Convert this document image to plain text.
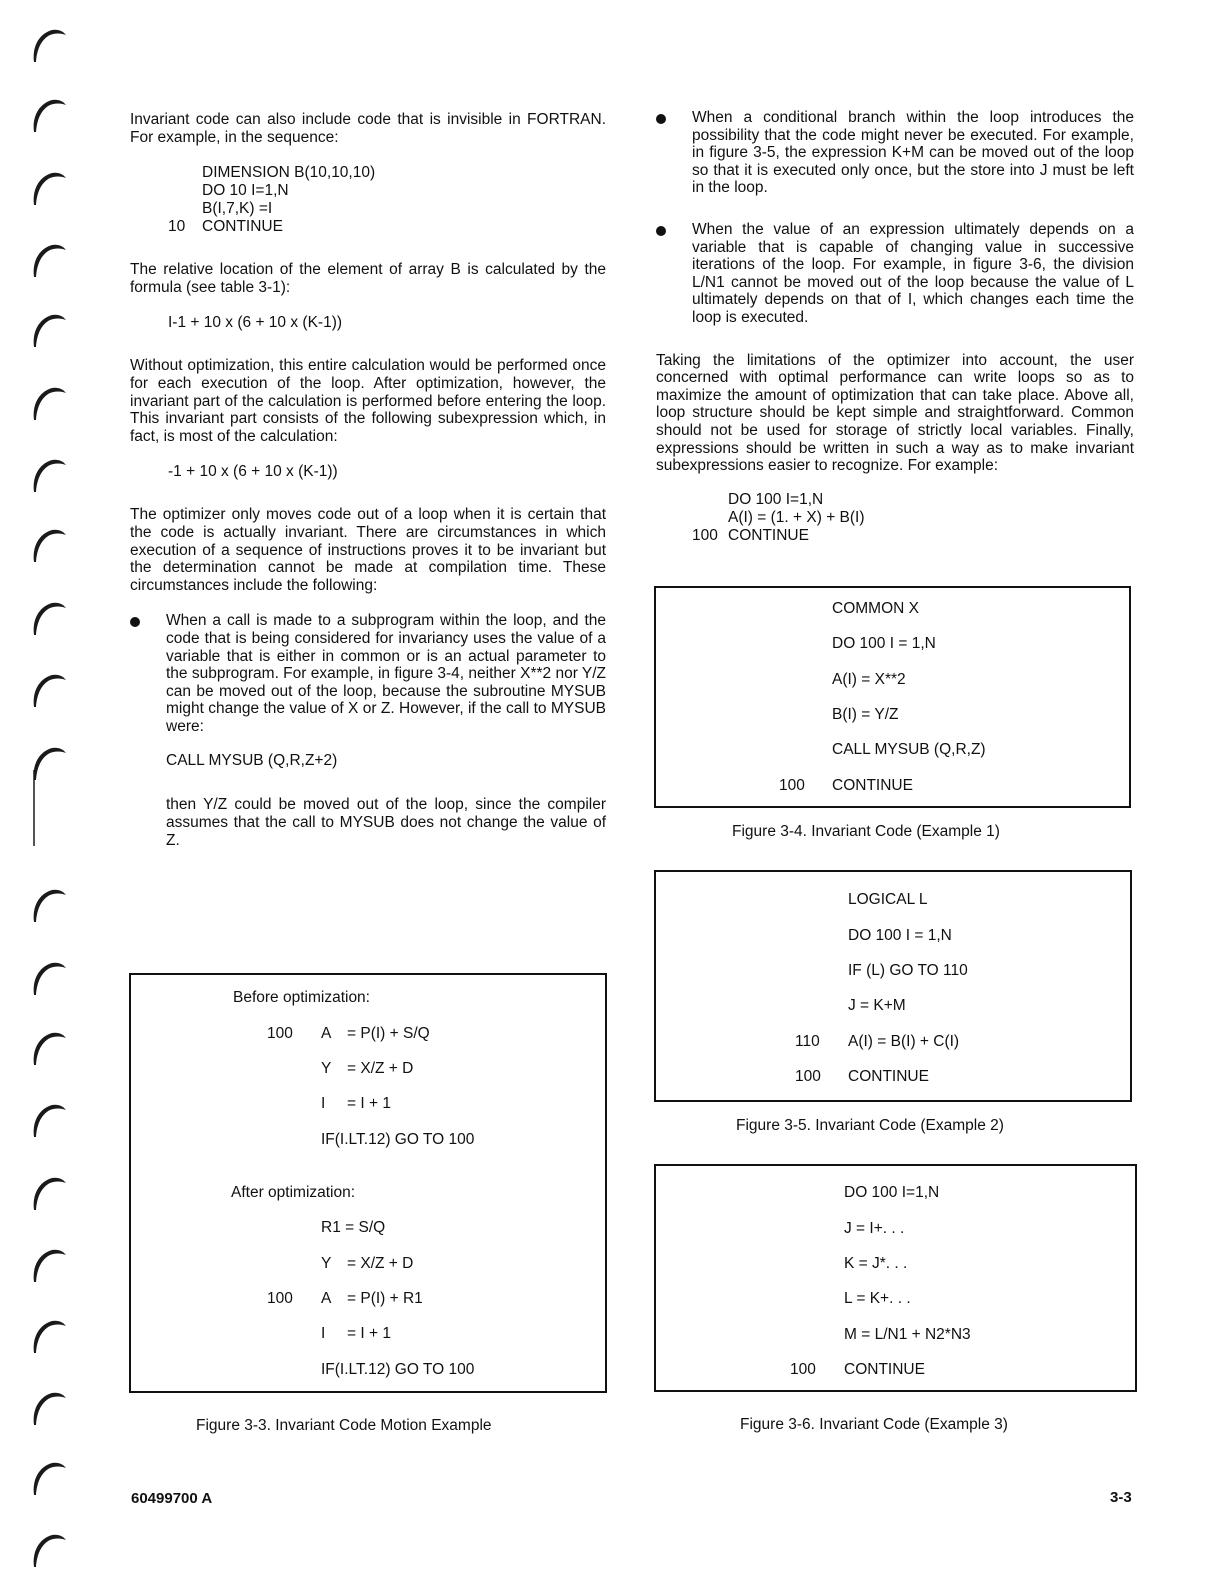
Invariant code can also include code that is invisible in FORTRAN. For example, in the sequence:

DIMENSION B(10,10,10)
DO 10 I=1,N
B(I,7,K) =I
10	CONTINUE

The relative location of the element of array B is calculated by the formula (see table 3-1):

I-1 + 10 x (6 + 10 x (K-1))

Without optimization, this entire calculation would be performed once for each execution of the loop. After optimization, however, the invariant part of the calculation is performed before entering the loop. This invariant part consists of the following subexpression which, in fact, is most of the calculation:

-1 + 10 x (6 + 10 x (K-1))

The optimizer only moves code out of a loop when it is certain that the code is actually invariant. There are circumstances in which execution of a sequence of instructions proves it to be invariant but the determination cannot be made at compilation time. These circumstances include the following:

When a call is made to a subprogram within the loop, and the code that is being considered for invariancy uses the value of a variable that is either in common or is an actual parameter to the subprogram. For example, in figure 3-4, neither X**2 nor Y/Z can be moved out of the loop, because the subroutine MYSUB might change the value of X or Z. However, if the call to MYSUB were:

CALL MYSUB (Q,R,Z+2)

then Y/Z could be moved out of the loop, since the compiler assumes that the call to MYSUB does not change the value of Z.

Before optimization:
100 A = P(I) + S/Q
Y = X/Z + D
I = I + 1
IF(I.LT.12) GO TO 100
After optimization:
R1 = S/Q
Y = X/Z + D
100 A = P(I) + R1
I = I + 1
IF(I.LT.12) GO TO 100
Figure 3-3. Invariant Code Motion Example

When a conditional branch within the loop introduces the possibility that the code might never be executed. For example, in figure 3-5, the expression K+M can be moved out of the loop so that it is executed only once, but the store into J must be left in the loop.

When the value of an expression ultimately depends on a variable that is capable of changing value in successive iterations of the loop. For example, in figure 3-6, the division L/N1 cannot be moved out of the loop because the value of L ultimately depends on that of I, which changes each time the loop is executed.

Taking the limitations of the optimizer into account, the user concerned with optimal performance can write loops so as to maximize the amount of optimization that can take place. Above all, loop structure should be kept simple and straightforward. Common should not be used for storage of strictly local variables. Finally, expressions should be written in such a way as to make invariant subexpressions easier to recognize. For example:

DO 100 I=1,N
A(I) = (1. + X) + B(I)
100 CONTINUE
COMMON X
DO 100 I = 1,N
A(I) = X**2
B(I) = Y/Z
CALL MYSUB (Q,R,Z)
100 CONTINUE
Figure 3-4. Invariant Code (Example 1)
LOGICAL L
DO 100 I = 1,N
IF (L) GO TO 110
J = K+M
110 A(I) = B(I) + C(I)
100 CONTINUE
Figure 3-5. Invariant Code (Example 2)
DO 100 I=1,N
J = I+. . .
K = J*. . .
L = K+. . .
M = L/N1 + N2*N3
100 CONTINUE
Figure 3-6. Invariant Code (Example 3)
60499700 A	3-3
